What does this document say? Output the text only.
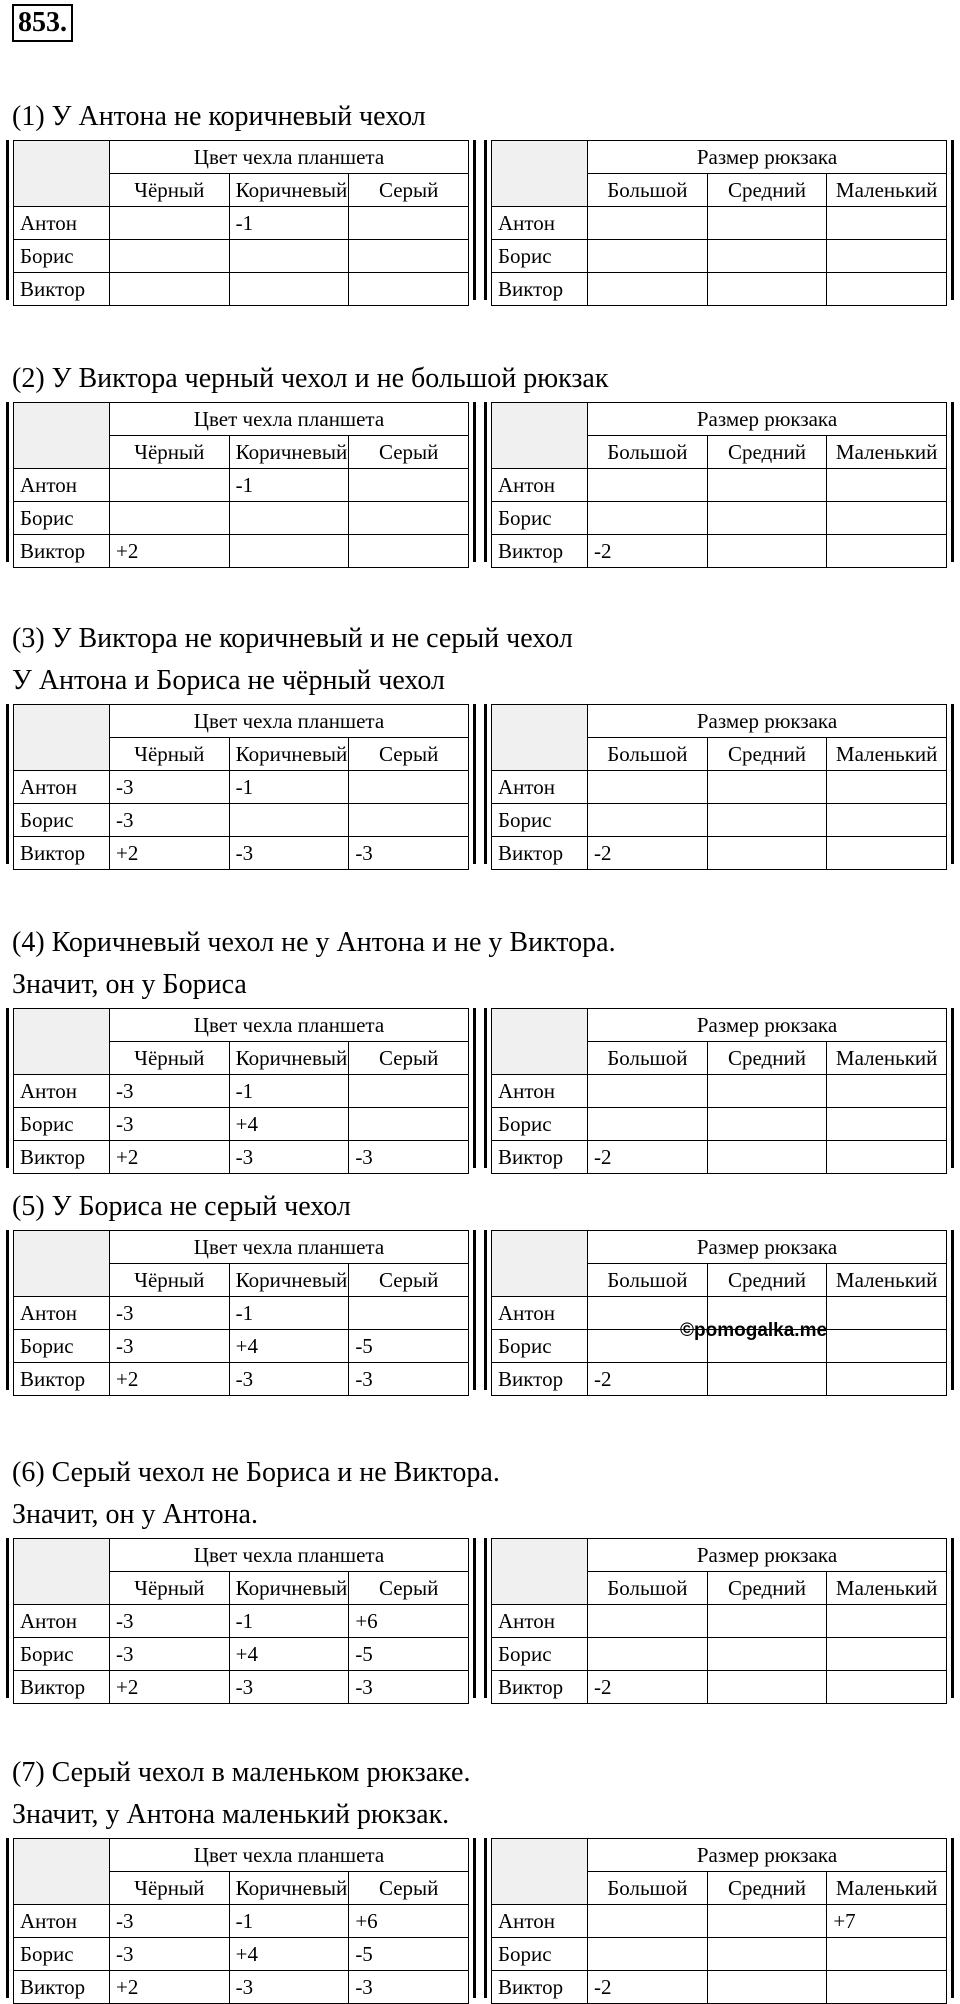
853.
(1) У Антона не коричневый чехол
	Цвет чехла планшета		
	Чёрный	Коричневый	Серый
Антон		-1	
Борис			
Виктор			
	Размер рюкзака		
	Большой	Средний	Маленький
Антон			
Борис			
Виктор			
(2) У Виктора черный чехол и не большой рюкзак
	Цвет чехла планшета		
	Чёрный	Коричневый	Серый
Антон		-1	
Борис			
Виктор	+2		
	Размер рюкзака		
	Большой	Средний	Маленький
Антон			
Борис			
Виктор	-2		
(3) У Виктора не коричневый и не серый чехол
У Антона и Бориса не чёрный чехол
	Цвет чехла планшета		
	Чёрный	Коричневый	Серый
Антон	-3	-1	
Борис	-3		
Виктор	+2	-3	-3
	Размер рюкзака		
	Большой	Средний	Маленький
Антон			
Борис			
Виктор	-2		
(4) Коричневый чехол не у Антона и не у Виктора.
Значит, он у Бориса
	Цвет чехла планшета		
	Чёрный	Коричневый	Серый
Антон	-3	-1	
Борис	-3	+4	
Виктор	+2	-3	-3
	Размер рюкзака		
	Большой	Средний	Маленький
Антон			
Борис			
Виктор	-2		
(5) У Бориса не серый чехол
	Цвет чехла планшета		
	Чёрный	Коричневый	Серый
Антон	-3	-1	
Борис	-3	+4	-5
Виктор	+2	-3	-3
	Размер рюкзака		
	Большой	Средний	Маленький
Антон			
Борис			
Виктор	-2		
(6) Серый чехол не Бориса и не Виктора.
Значит, он у Антона.
	Цвет чехла планшета		
	Чёрный	Коричневый	Серый
Антон	-3	-1	+6
Борис	-3	+4	-5
Виктор	+2	-3	-3
	Размер рюкзака		
	Большой	Средний	Маленький
Антон			
Борис			
Виктор	-2		
(7) Серый чехол в маленьком рюкзаке.
Значит, у Антона маленький рюкзак.
	Цвет чехла планшета		
	Чёрный	Коричневый	Серый
Антон	-3	-1	+6
Борис	-3	+4	-5
Виктор	+2	-3	-3
	Размер рюкзака		
	Большой	Средний	Маленький
Антон			+7
Борис			
Виктор	-2		
©pomogalka.me
